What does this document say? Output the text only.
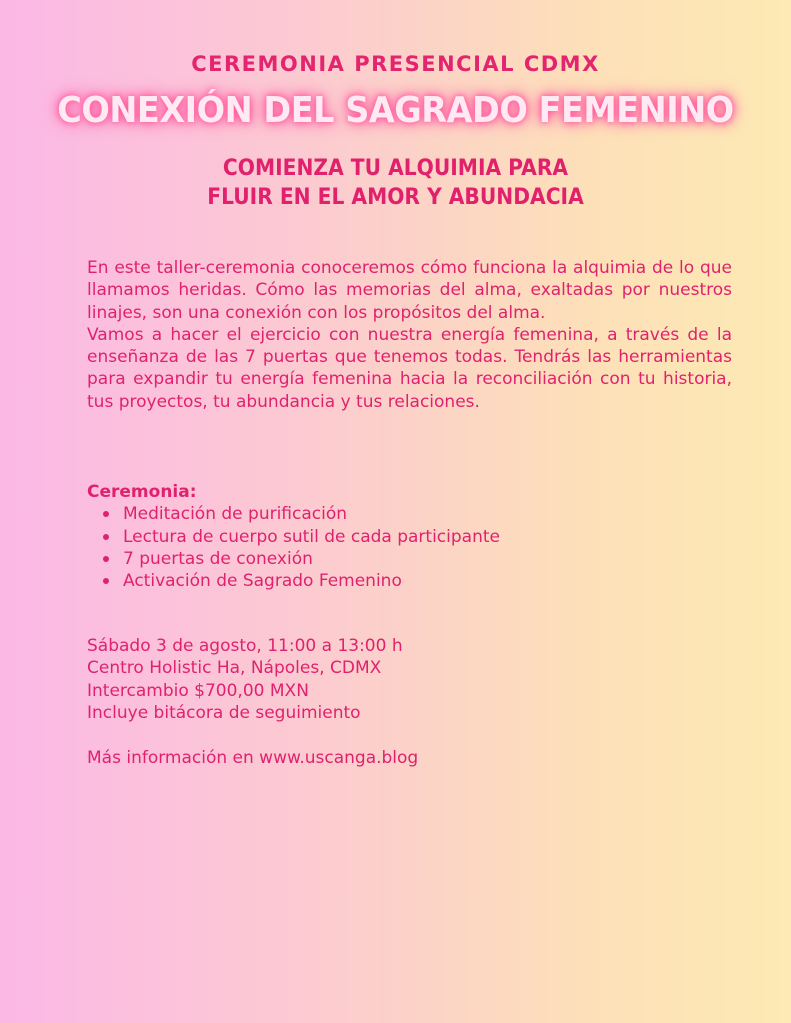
CEREMONIA PRESENCIAL CDMX
CONEXIÓN DEL SAGRADO FEMENINO
COMIENZA TU ALQUIMIA PARA
FLUIR EN EL AMOR Y ABUNDACIA

En este taller-ceremonia conoceremos cómo funciona la alquimia de lo que llamamos heridas. Cómo las memorias del alma, exaltadas por nuestros linajes, son una conexión con los propósitos del alma.

Vamos a hacer el ejercicio con nuestra energía femenina, a través de la enseñanza de las 7 puertas que tenemos todas. Tendrás las herramientas para expandir tu energía femenina hacia la reconciliación con tu historia, tus proyectos, tu abundancia y tus relaciones.

Ceremonia:
Meditación de purificación
Lectura de cuerpo sutil de cada participante
7 puertas de conexión
Activación de Sagrado Femenino
Sábado 3 de agosto, 11:00 a 13:00 h
Centro Holistic Ha, Nápoles, CDMX
Intercambio $700,00 MXN
Incluye bitácora de seguimiento
Más información en www.uscanga.blog
